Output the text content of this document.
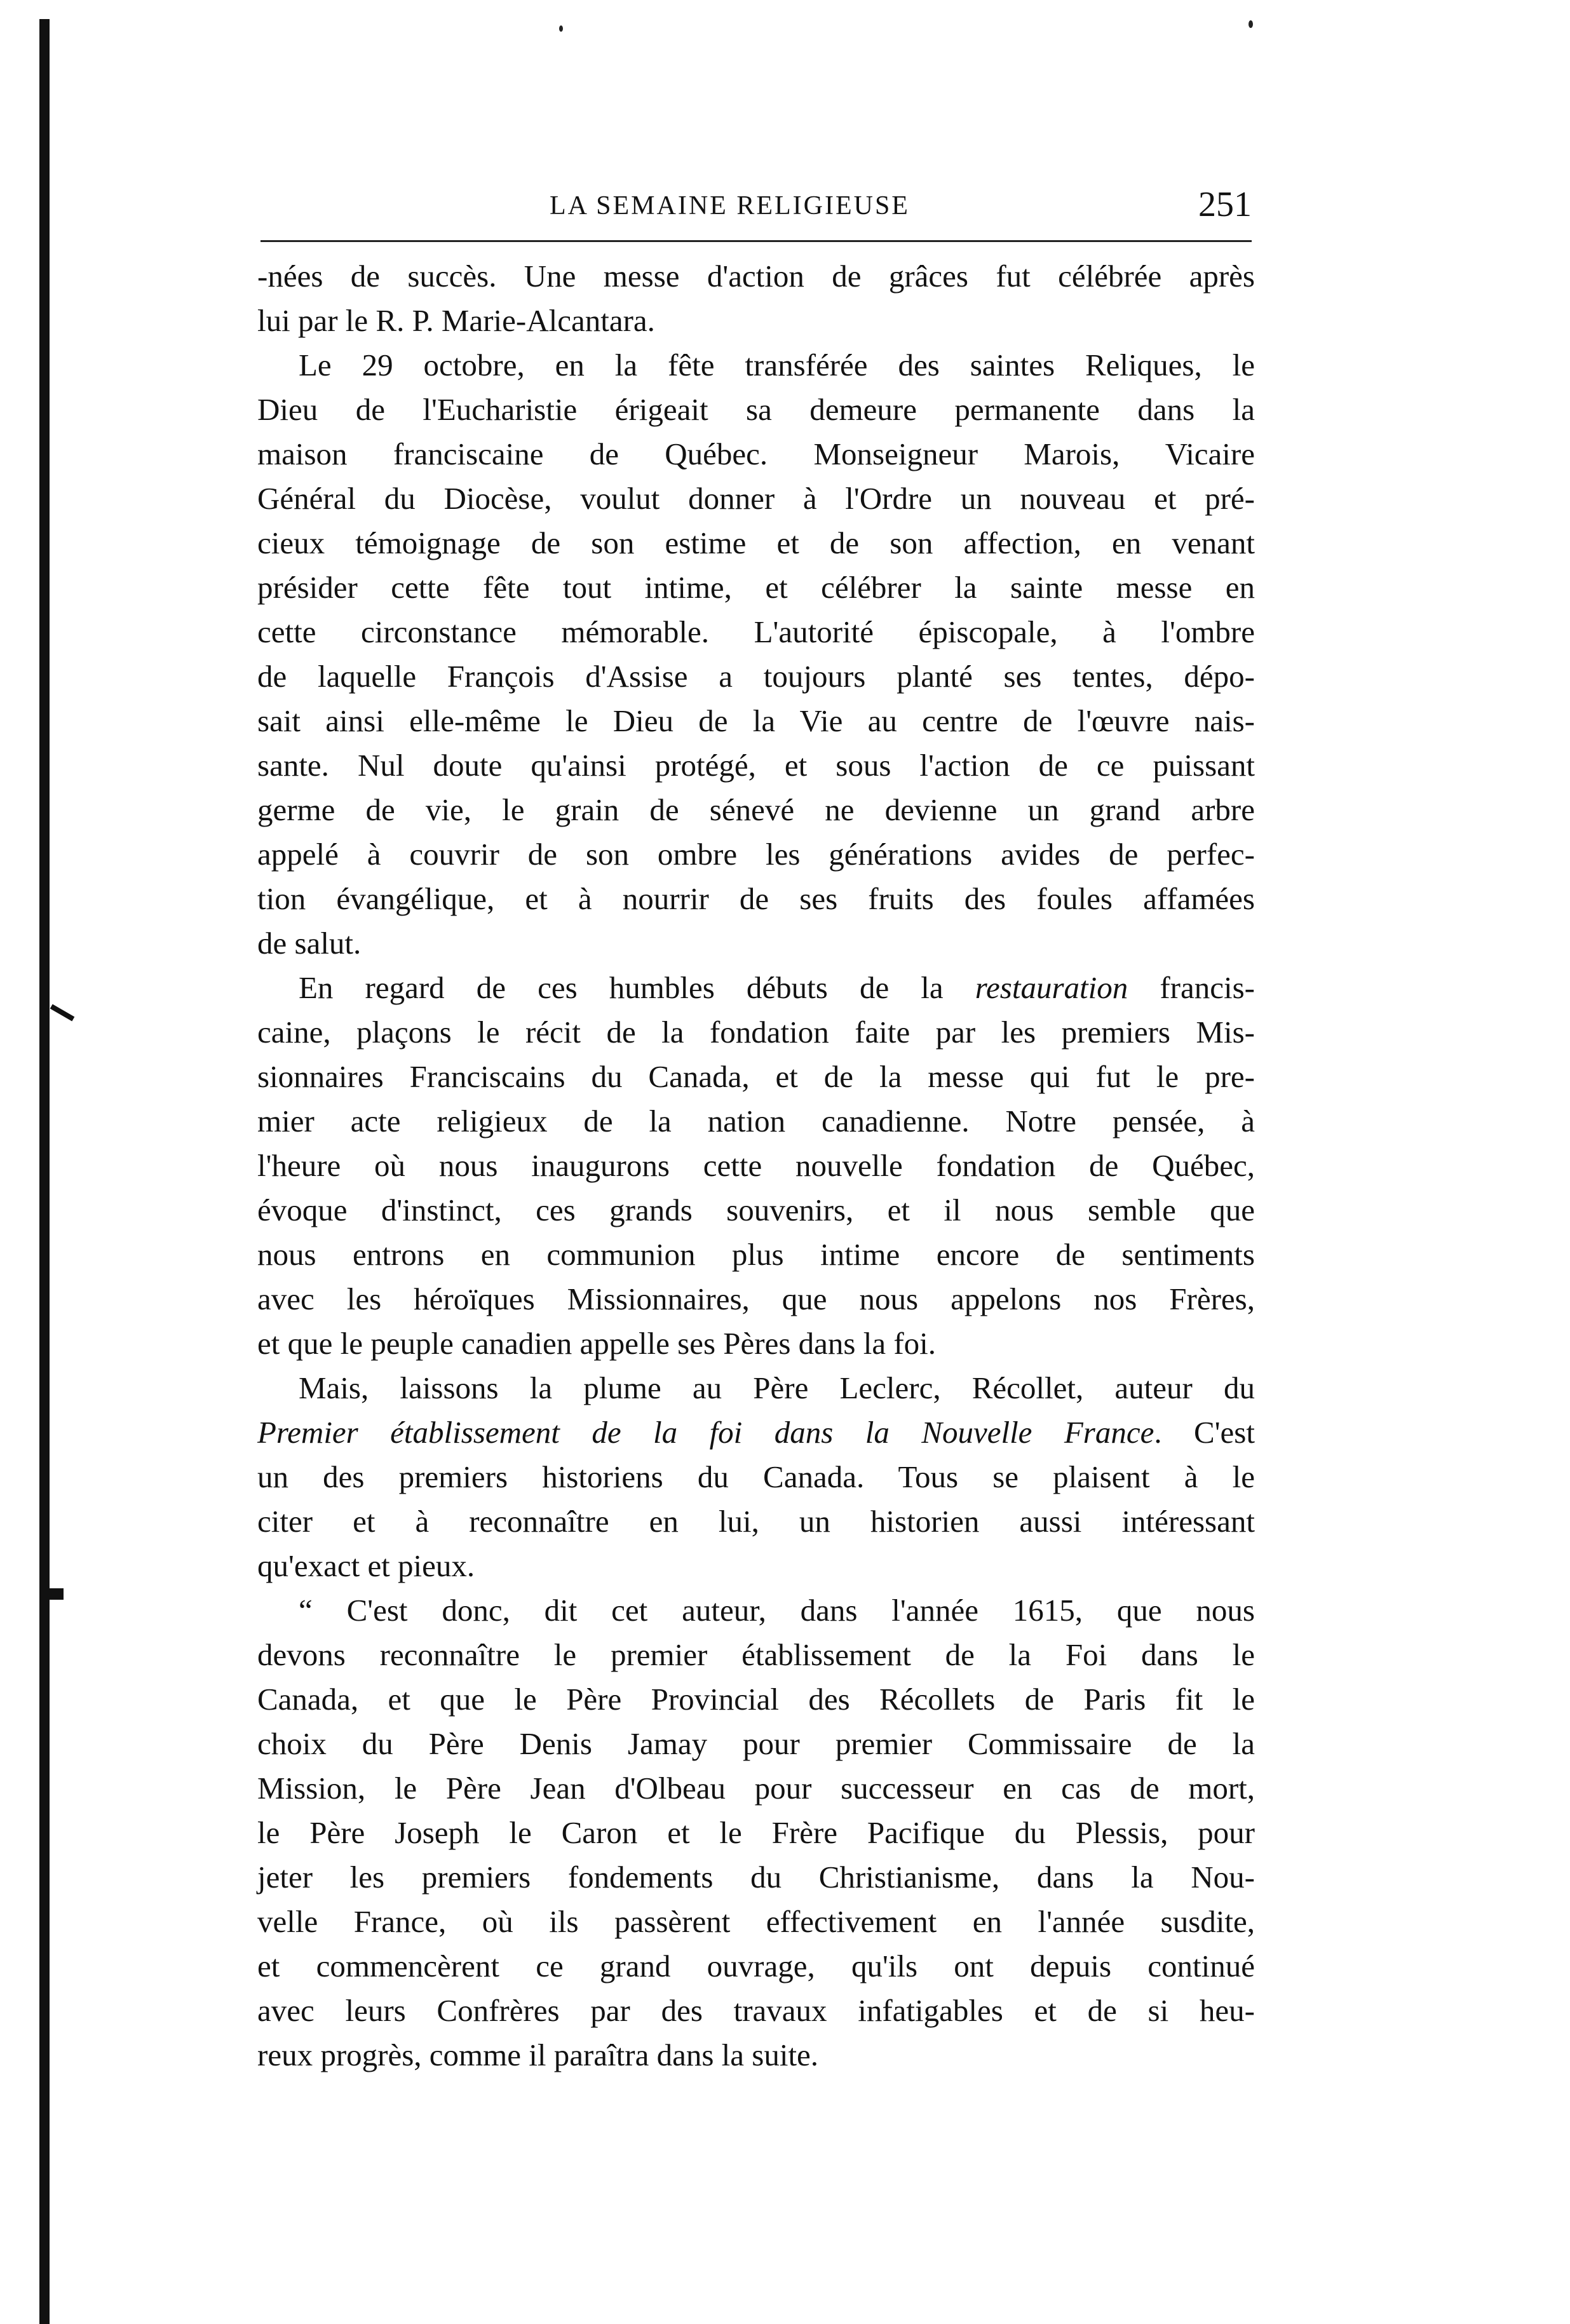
LA SEMAINE RELIGIEUSE	251
-nées de succès. Une messe d'action de grâces fut célébrée après
lui par le R. P. Marie-Alcantara.
Le 29 octobre, en la fête transférée des saintes Reliques, le
Dieu de l'Eucharistie érigeait sa demeure permanente dans la
maison franciscaine de Québec. Monseigneur Marois, Vicaire
Général du Diocèse, voulut donner à l'Ordre un nouveau et pré-
cieux témoignage de son estime et de son affection, en venant
présider cette fête tout intime, et célébrer la sainte messe en
cette circonstance mémorable. L'autorité épiscopale, à l'ombre
de laquelle François d'Assise a toujours planté ses tentes, dépo-
sait ainsi elle-même le Dieu de la Vie au centre de l'œuvre nais-
sante. Nul doute qu'ainsi protégé, et sous l'action de ce puissant
germe de vie, le grain de sénevé ne devienne un grand arbre
appelé à couvrir de son ombre les générations avides de perfec-
tion évangélique, et à nourrir de ses fruits des foules affamées
de salut.
En regard de ces humbles débuts de la restauration francis-
caine, plaçons le récit de la fondation faite par les premiers Mis-
sionnaires Franciscains du Canada, et de la messe qui fut le pre-
mier acte religieux de la nation canadienne. Notre pensée, à
l'heure où nous inaugurons cette nouvelle fondation de Québec,
évoque d'instinct, ces grands souvenirs, et il nous semble que
nous entrons en communion plus intime encore de sentiments
avec les héroïques Missionnaires, que nous appelons nos Frères,
et que le peuple canadien appelle ses Pères dans la foi.
Mais, laissons la plume au Père Leclerc, Récollet, auteur du
Premier établissement de la foi dans la Nouvelle France. C'est
un des premiers historiens du Canada. Tous se plaisent à le
citer et à reconnaître en lui, un historien aussi intéressant
qu'exact et pieux.
“ C'est donc, dit cet auteur, dans l'année 1615, que nous
devons reconnaître le premier établissement de la Foi dans le
Canada, et que le Père Provincial des Récollets de Paris fit le
choix du Père Denis Jamay pour premier Commissaire de la
Mission, le Père Jean d'Olbeau pour successeur en cas de mort,
le Père Joseph le Caron et le Frère Pacifique du Plessis, pour
jeter les premiers fondements du Christianisme, dans la Nou-
velle France, où ils passèrent effectivement en l'année susdite,
et commencèrent ce grand ouvrage, qu'ils ont depuis continué
avec leurs Confrères par des travaux infatigables et de si heu-
reux progrès, comme il paraîtra dans la suite.
